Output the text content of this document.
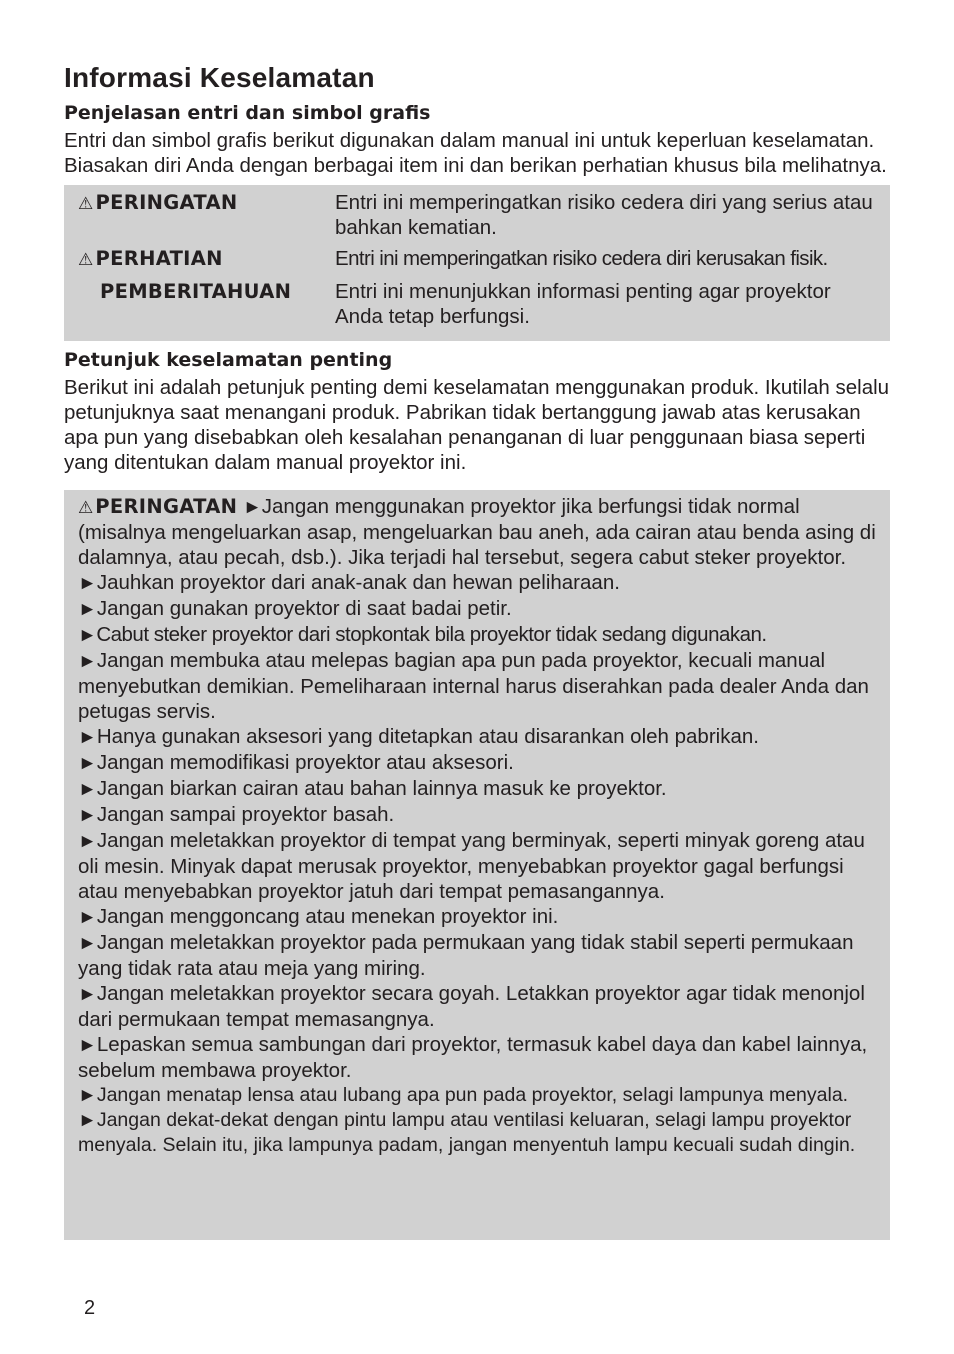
Informasi Keselamatan
Penjelasan entri dan simbol grafis

Entri dan simbol grafis berikut digunakan dalam manual ini untuk keperluan keselamatan. Biasakan diri Anda dengan berbagai item ini dan berikan perhatian khusus bila melihatnya.

⚠ PERINGATAN	Entri ini memperingatkan risiko cedera diri yang serius atau bahkan kematian.
⚠ PERHATIAN	Entri ini memperingatkan risiko cedera diri kerusakan fisik.
PEMBERITAHUAN	Entri ini menunjukkan informasi penting agar proyektor Anda tetap berfungsi.
Petunjuk keselamatan penting

Berikut ini adalah petunjuk penting demi keselamatan menggunakan produk. Ikutilah selalu petunjuknya saat menangani produk. Pabrikan tidak bertanggung jawab atas kerusakan apa pun yang disebabkan oleh kesalahan penanganan di luar penggunaan biasa seperti yang ditentukan dalam manual proyektor ini.

⚠ PERINGATAN ►Jangan menggunakan proyektor jika berfungsi tidak normal (misalnya mengeluarkan asap, mengeluarkan bau aneh, ada cairan atau benda asing di dalamnya, atau pecah, dsb.). Jika terjadi hal tersebut, segera cabut steker proyektor.

►Jauhkan proyektor dari anak-anak dan hewan peliharaan.

►Jangan gunakan proyektor di saat badai petir.

►Cabut steker proyektor dari stopkontak bila proyektor tidak sedang digunakan.

►Jangan membuka atau melepas bagian apa pun pada proyektor, kecuali manual menyebutkan demikian. Pemeliharaan internal harus diserahkan pada dealer Anda dan petugas servis.

►Hanya gunakan aksesori yang ditetapkan atau disarankan oleh pabrikan.

►Jangan memodifikasi proyektor atau aksesori.

►Jangan biarkan cairan atau bahan lainnya masuk ke proyektor.

►Jangan sampai proyektor basah.

►Jangan meletakkan proyektor di tempat yang berminyak, seperti minyak goreng atau oli mesin. Minyak dapat merusak proyektor, menyebabkan proyektor gagal berfungsi atau menyebabkan proyektor jatuh dari tempat pemasangannya.

►Jangan menggoncang atau menekan proyektor ini.

►Jangan meletakkan proyektor pada permukaan yang tidak stabil seperti permukaan yang tidak rata atau meja yang miring.

►Jangan meletakkan proyektor secara goyah. Letakkan proyektor agar tidak menonjol dari permukaan tempat memasangnya.

►Lepaskan semua sambungan dari proyektor, termasuk kabel daya dan kabel lainnya, sebelum membawa proyektor.

►Jangan menatap lensa atau lubang apa pun pada proyektor, selagi lampunya menyala.

►Jangan dekat-dekat dengan pintu lampu atau ventilasi keluaran, selagi lampu proyektor menyala. Selain itu, jika lampunya padam, jangan menyentuh lampu kecuali sudah dingin.

2
